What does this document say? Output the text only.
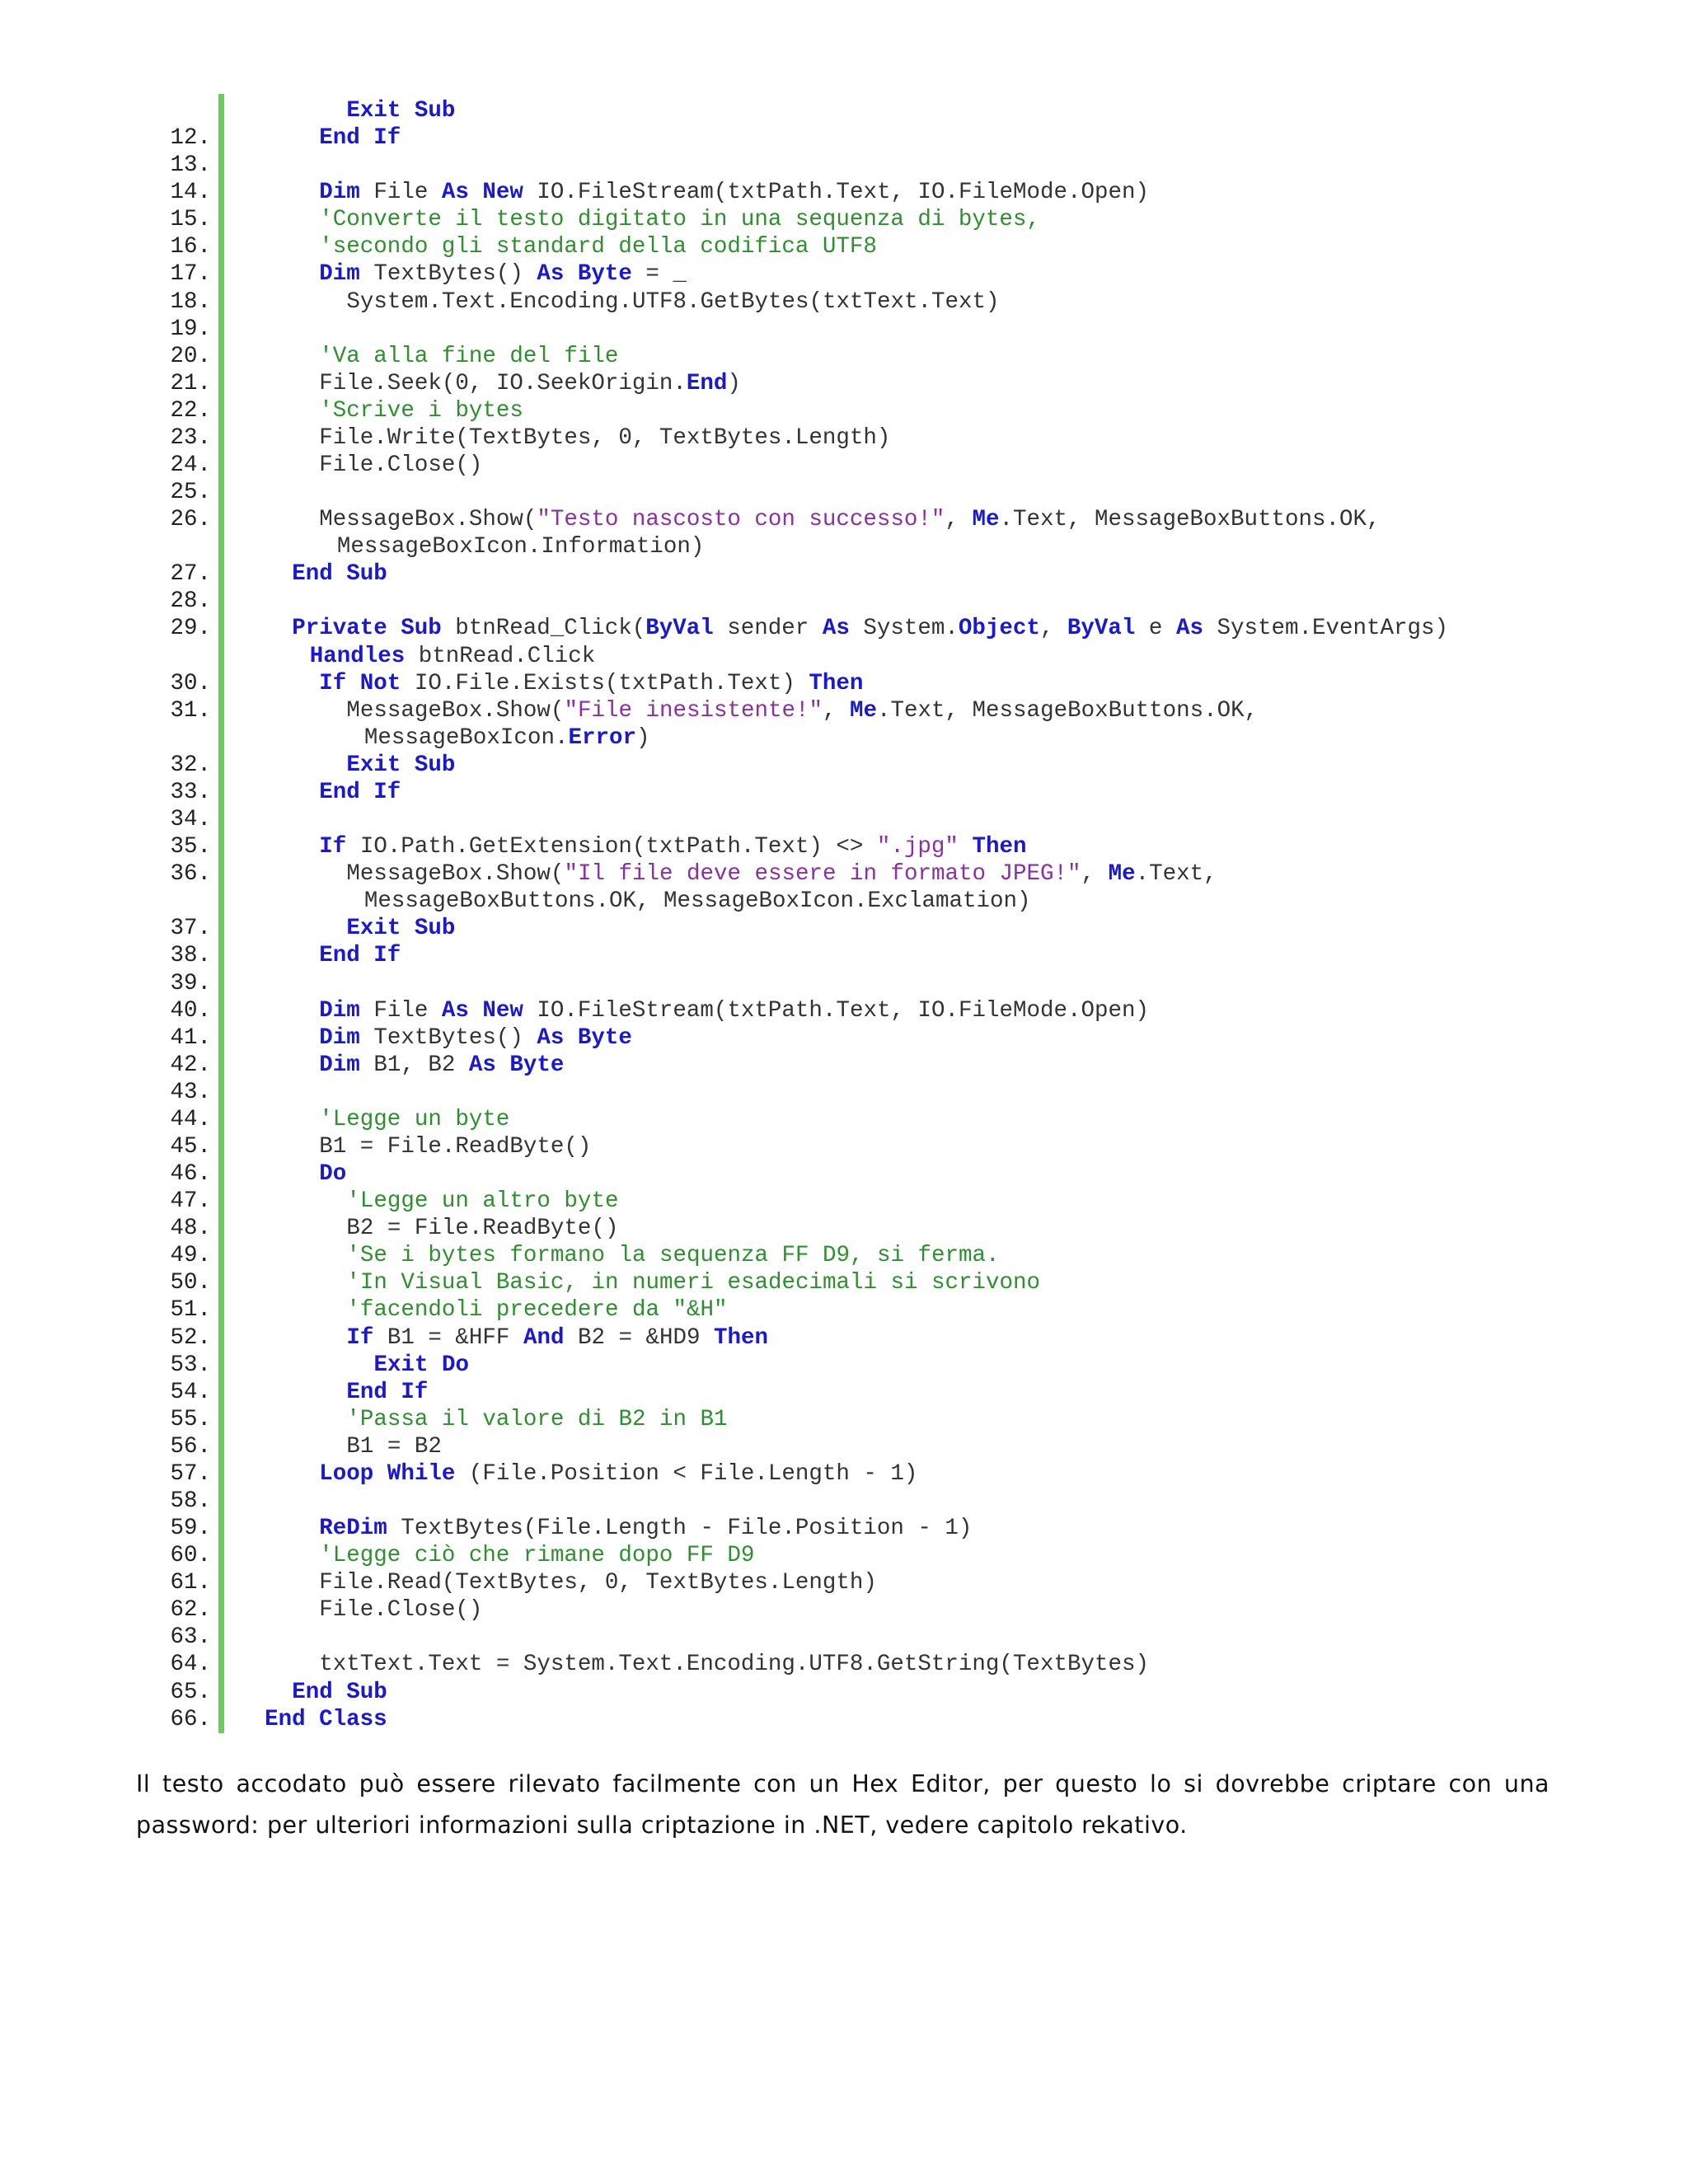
Exit Sub
12.	End If
13.
14.	Dim File As New IO.FileStream(txtPath.Text, IO.FileMode.Open)
15.	'Converte il testo digitato in una sequenza di bytes,
16.	'secondo gli standard della codifica UTF8
17.	Dim TextBytes() As Byte = _
18.	System.Text.Encoding.UTF8.GetBytes(txtText.Text)
19.
20.	'Va alla fine del file
21.	File.Seek(0, IO.SeekOrigin.End)
22.	'Scrive i bytes
23.	File.Write(TextBytes, 0, TextBytes.Length)
24.	File.Close()
25.
26.	MessageBox.Show("Testo nascosto con successo!", Me.Text, MessageBoxButtons.OK,
MessageBoxIcon.Information)
27.	End Sub
28.
29.	Private Sub btnRead_Click(ByVal sender As System.Object, ByVal e As System.EventArgs)
Handles btnRead.Click
30.	If Not IO.File.Exists(txtPath.Text) Then
31.	MessageBox.Show("File inesistente!", Me.Text, MessageBoxButtons.OK,
MessageBoxIcon.Error)
32.	Exit Sub
33.	End If
34.
35.	If IO.Path.GetExtension(txtPath.Text) <> ".jpg" Then
36.	MessageBox.Show("Il file deve essere in formato JPEG!", Me.Text,
MessageBoxButtons.OK, MessageBoxIcon.Exclamation)
37.	Exit Sub
38.	End If
39.
40.	Dim File As New IO.FileStream(txtPath.Text, IO.FileMode.Open)
41.	Dim TextBytes() As Byte
42.	Dim B1, B2 As Byte
43.
44.	'Legge un byte
45.	B1 = File.ReadByte()
46.	Do
47.	'Legge un altro byte
48.	B2 = File.ReadByte()
49.	'Se i bytes formano la sequenza FF D9, si ferma.
50.	'In Visual Basic, in numeri esadecimali si scrivono
51.	'facendoli precedere da "&H"
52.	If B1 = &HFF And B2 = &HD9 Then
53.	Exit Do
54.	End If
55.	'Passa il valore di B2 in B1
56.	B1 = B2
57.	Loop While (File.Position < File.Length - 1)
58.
59.	ReDim TextBytes(File.Length - File.Position - 1)
60.	'Legge ciò che rimane dopo FF D9
61.	File.Read(TextBytes, 0, TextBytes.Length)
62.	File.Close()
63.
64.	txtText.Text = System.Text.Encoding.UTF8.GetString(TextBytes)
65.	End Sub
66. End Class
Il testo accodato può essere rilevato facilmente con un Hex Editor, per questo lo si dovrebbe criptare con una password: per ulteriori informazioni sulla criptazione in .NET, vedere capitolo rekativo.
